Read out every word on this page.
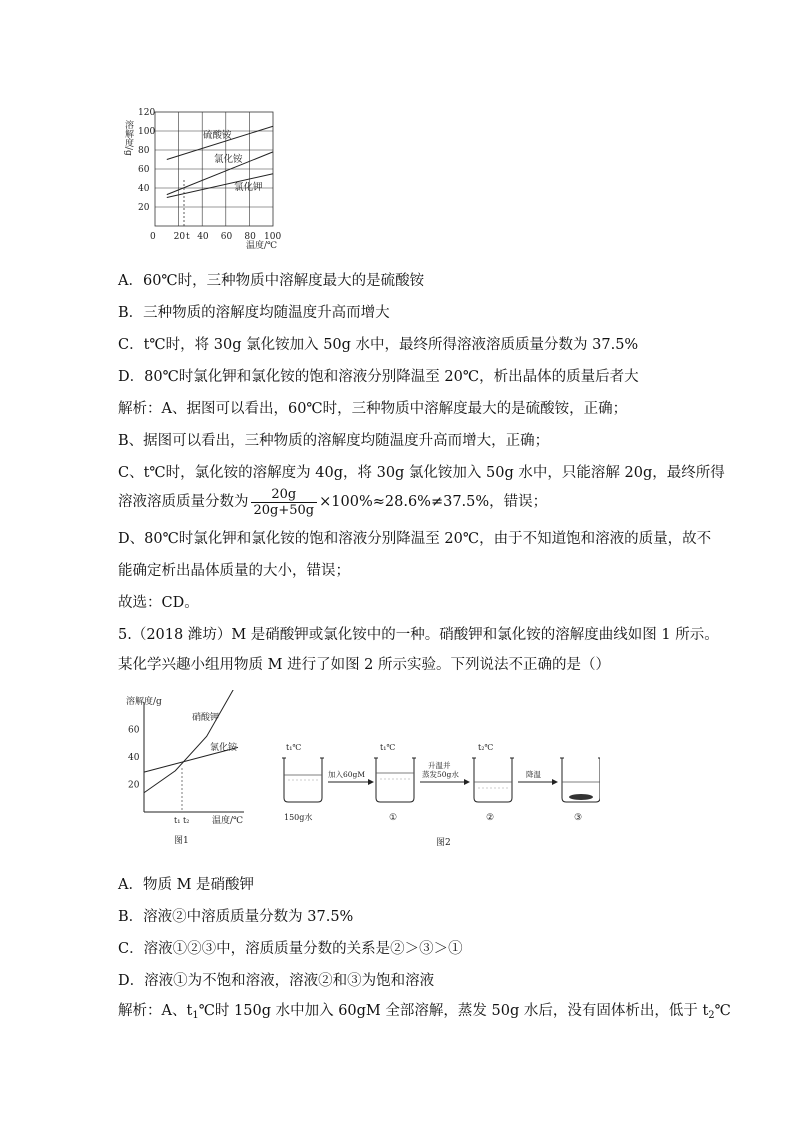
溶解度/g
20
40
60
80
100
120
0 20 t 40 60 80 100
硫酸铵
氯化铵
氯化钾
温度/℃
A．60℃时，三种物质中溶解度最大的是硫酸铵
B．三种物质的溶解度均随温度升高而增大
C．t℃时，将 30g 氯化铵加入 50g 水中，最终所得溶液溶质质量分数为 37.5%
D．80℃时氯化钾和氯化铵的饱和溶液分别降温至 20℃，析出晶体的质量后者大
解析：A、据图可以看出，60℃时，三种物质中溶解度最大的是硫酸铵，正确；
B、据图可以看出，三种物质的溶解度均随温度升高而增大，正确；
C、t℃时，氯化铵的溶解度为 40g，将 30g 氯化铵加入 50g 水中，只能溶解 20g，最终所得
溶液溶质质量分数为 $\frac{20g}{20g+50g} \times 100\%\approx 28.6\%\ne 37.5\%$，错误；
D、80℃时氯化钾和氯化铵的饱和溶液分别降温至 20℃，由于不知道饱和溶液的质量，故不
能确定析出晶体质量的大小，错误；
故选：CD。
5.（2018 潍坊）M 是硝酸钾或氯化铵中的一种。硝酸钾和氯化铵的溶解度曲线如图 1 所示。
某化学兴趣小组用物质 M 进行了如图 2 所示实验。下列说法不正确的是（）
溶解度/g
20
40
60
t₁ t₂
硝酸钾
氯化铵
温度/℃
图1
t₁℃
150g水
加入60gM
t₁℃
①
升温并
蒸发50g水
t₂℃
②
降温
③
图2
A．物质 M 是硝酸钾
B．溶液②中溶质质量分数为 37.5%
C．溶液①②③中，溶质质量分数的关系是②＞③＞①
D．溶液①为不饱和溶液，溶液②和③为饱和溶液
解析：A、$t_1℃$时 150g 水中加入 60gM 全部溶解，蒸发 50g 水后，没有固体析出，低于 $t_2℃$
